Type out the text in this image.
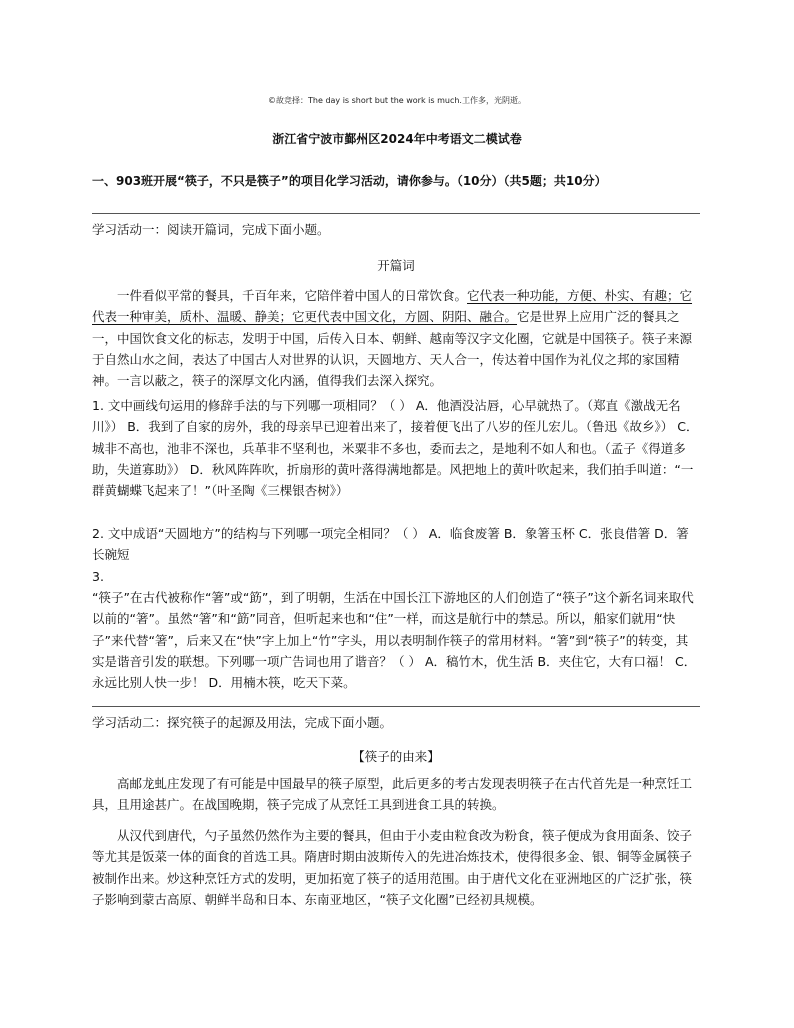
©故竞择：The day is short but the work is much.工作多，光阴逝。
浙江省宁波市鄞州区2024年中考语文二模试卷
一、903班开展“筷子，不只是筷子”的项目化学习活动，请你参与。（10分）（共5题；共10分）
学习活动一：阅读开篇词，完成下面小题。
开篇词

一件看似平常的餐具，千百年来，它陪伴着中国人的日常饮食。它代表一种功能，方便、朴实、有趣；它代表一种审美，质朴、温暖、静美；它更代表中国文化，方圆、阴阳、融合。它是世界上应用广泛的餐具之一，中国饮食文化的标志，发明于中国，后传入日本、朝鲜、越南等汉字文化圈，它就是中国筷子。筷子来源于自然山水之间，表达了中国古人对世界的认识，天圆地方、天人合一，传达着中国作为礼仪之邦的家国精神。一言以蔽之，筷子的深厚文化内涵，值得我们去深入探究。

1. 文中画线句运用的修辞手法的与下列哪一项相同？（ ） A．他酒没沾唇，心早就热了。（郑直《激战无名川》） B．我到了自家的房外，我的母亲早已迎着出来了，接着便飞出了八岁的侄儿宏儿。（鲁迅《故乡》） C．城非不高也，池非不深也，兵革非不坚利也，米粟非不多也，委而去之，是地利不如人和也。（孟子《得道多助，失道寡助》） D．秋风阵阵吹，折扇形的黄叶落得满地都是。风把地上的黄叶吹起来，我们拍手叫道：“一群黄蝴蝶飞起来了！”（叶圣陶《三棵银杏树》）
2. 文中成语“天圆地方”的结构与下列哪一项完全相同？（ ） A．临食废箸 B．象箸玉杯 C．张良借箸 D．箸长碗短
3.
“筷子”在古代被称作“箸”或“筯”，到了明朝，生活在中国长江下游地区的人们创造了“筷子”这个新名词来取代以前的“箸”。虽然“箸”和“筯”同音，但听起来也和“住”一样，而这是航行中的禁忌。所以，船家们就用“快子”来代替“箸”，后来又在“快”字上加上“竹”字头，用以表明制作筷子的常用材料。“箸”到“筷子”的转变，其实是谐音引发的联想。下列哪一项广告词也用了谐音？（ ） A．稿竹木，优生活 B．夹住它，大有口福！ C．永远比别人快一步！ D．用楠木筷，吃天下菜。
学习活动二：探究筷子的起源及用法，完成下面小题。
【筷子的由来】

高邮龙虬庄发现了有可能是中国最早的筷子原型，此后更多的考古发现表明筷子在古代首先是一种烹饪工具，且用途甚广。在战国晚期，筷子完成了从烹饪工具到进食工具的转换。

从汉代到唐代，勺子虽然仍然作为主要的餐具，但由于小麦由粒食改为粉食，筷子便成为食用面条、饺子等尤其是饭菜一体的面食的首选工具。隋唐时期由波斯传入的先进冶炼技术，使得很多金、银、铜等金属筷子被制作出来。炒这种烹饪方式的发明，更加拓宽了筷子的适用范围。由于唐代文化在亚洲地区的广泛扩张，筷子影响到蒙古高原、朝鲜半岛和日本、东南亚地区，“筷子文化圈”已经初具规模。
